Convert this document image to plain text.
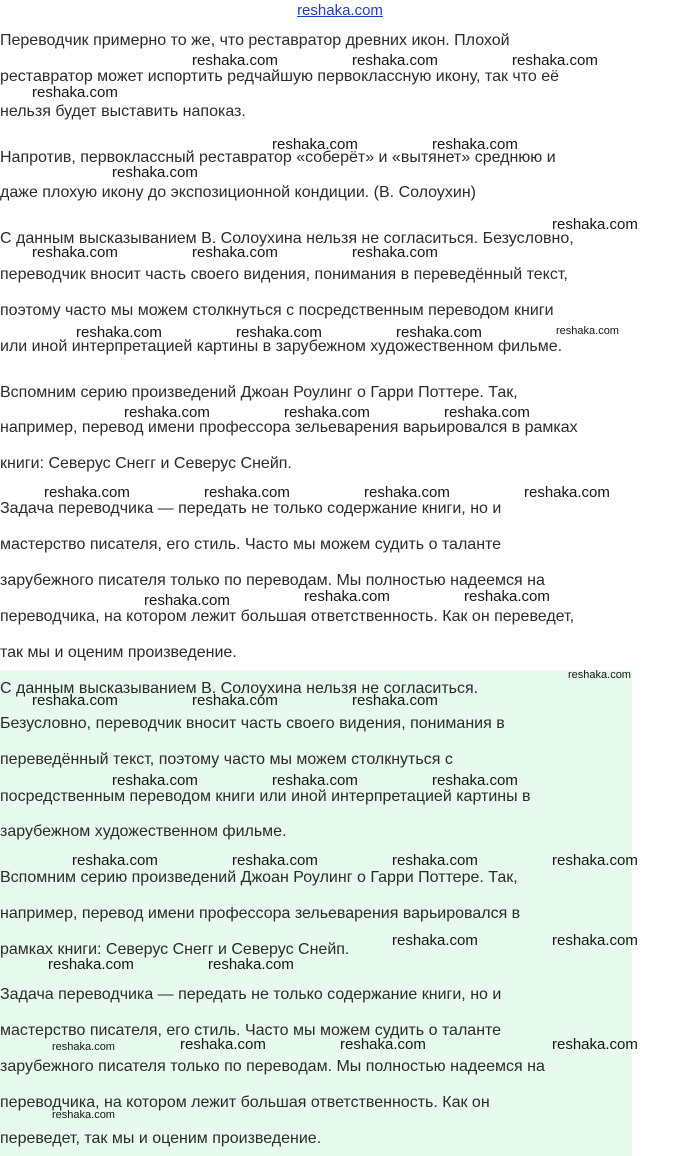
reshaka.com

Переводчик примерно то же, что реставратор древних икон. Плохой

реставратор может испортить редчайшую первоклассную икону, так что её

нельзя будет выставить напоказ.

Напротив, первоклассный реставратор «соберёт» и «вытянет» среднюю и

даже плохую икону до экспозиционной кондиции. (В. Солоухин)

С данным высказыванием В. Солоухина нельзя не согласиться. Безусловно,

переводчик вносит часть своего видения, понимания в переведённый текст,

поэтому часто мы можем столкнуться с посредственным переводом книги

или иной интерпретацией картины в зарубежном художественном фильме.

Вспомним серию произведений Джоан Роулинг о Гарри Поттере. Так,

например, перевод имени профессора зельеварения варьировался в рамках

книги: Северус Снегг и Северус Снейп.

Задача переводчика — передать не только содержание книги, но и

мастерство писателя, его стиль. Часто мы можем судить о таланте

зарубежного писателя только по переводам. Мы полностью надеемся на

переводчика, на котором лежит большая ответственность. Как он переведет,

так мы и оценим произведение.

С данным высказыванием В. Солоухина нельзя не согласиться.

Безусловно, переводчик вносит часть своего видения, понимания в

переведённый текст, поэтому часто мы можем столкнуться с

посредственным переводом книги или иной интерпретацией картины в

зарубежном художественном фильме.

Вспомним серию произведений Джоан Роулинг о Гарри Поттере. Так,

например, перевод имени профессора зельеварения варьировался в

рамках книги: Северус Снегг и Северус Снейп.

Задача переводчика — передать не только содержание книги, но и

мастерство писателя, его стиль. Часто мы можем судить о таланте

зарубежного писателя только по переводам. Мы полностью надеемся на

переводчика, на котором лежит большая ответственность. Как он

переведет, так мы и оценим произведение.

reshaka.com	reshaka.com	reshaka.com
reshaka.com
reshaka.com	reshaka.com
reshaka.com
reshaka.com
reshaka.com	reshaka.com	reshaka.com
reshaka.com	reshaka.com	reshaka.com	reshaka.com
reshaka.com	reshaka.com	reshaka.com
reshaka.com	reshaka.com	reshaka.com	reshaka.com
reshaka.com	reshaka.com	reshaka.com
reshaka.com
reshaka.com	reshaka.com	reshaka.com
reshaka.com	reshaka.com	reshaka.com
reshaka.com	reshaka.com	reshaka.com	reshaka.com
reshaka.com	reshaka.com
reshaka.com	reshaka.com
reshaka.com	reshaka.com	reshaka.com	reshaka.com
reshaka.com
